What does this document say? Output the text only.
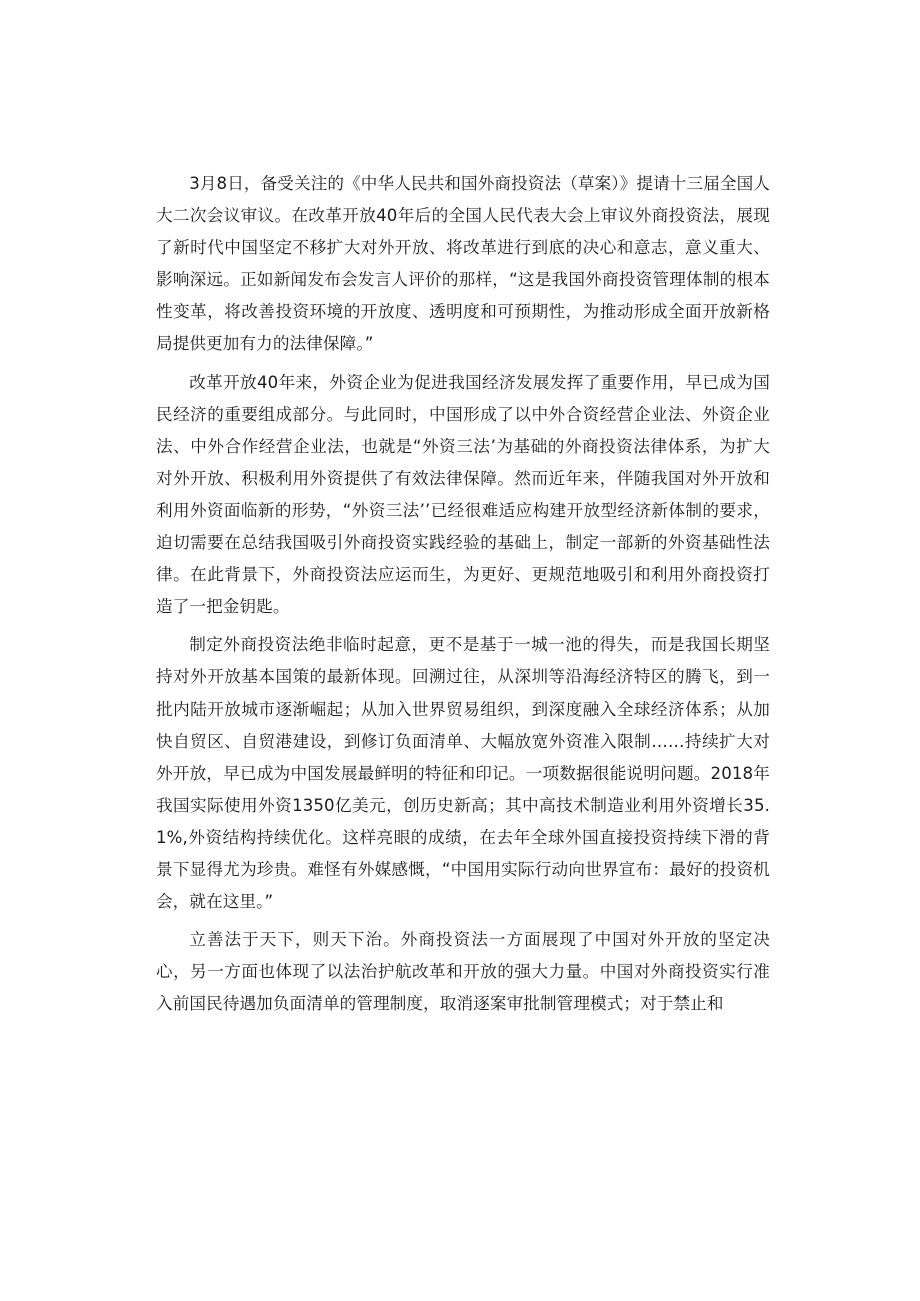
3月8日，备受关注的《中华人民共和国外商投资法（草案）》提请十三届全国人大二次会议审议。在改革开放40年后的全国人民代表大会上审议外商投资法，展现了新时代中国坚定不移扩大对外开放、将改革进行到底的决心和意志，意义重大、影响深远。正如新闻发布会发言人评价的那样，“这是我国外商投资管理体制的根本性变革，将改善投资环境的开放度、透明度和可预期性，为推动形成全面开放新格局提供更加有力的法律保障。”

改革开放40年来，外资企业为促进我国经济发展发挥了重要作用，早已成为国民经济的重要组成部分。与此同时，中国形成了以中外合资经营企业法、外资企业法、中外合作经营企业法，也就是“外资三法’为基础的外商投资法律体系，为扩大对外开放、积极利用外资提供了有效法律保障。然而近年来，伴随我国对外开放和利用外资面临新的形势，“外资三法’’已经很难适应构建开放型经济新体制的要求，迫切需要在总结我国吸引外商投资实践经验的基础上，制定一部新的外资基础性法律。在此背景下，外商投资法应运而生，为更好、更规范地吸引和利用外商投资打造了一把金钥匙。

制定外商投资法绝非临时起意，更不是基于一城一池的得失，而是我国长期坚持对外开放基本国策的最新体现。回溯过往，从深圳等沿海经济特区的腾飞，到一批内陆开放城市逐渐崛起；从加入世界贸易组织，到深度融入全球经济体系；从加快自贸区、自贸港建设，到修订负面清单、大幅放宽外资准入限制……持续扩大对外开放，早已成为中国发展最鲜明的特征和印记。一项数据很能说明问题。2018年我国实际使用外资1350亿美元，创历史新高；其中高技术制造业利用外资增长35.1%,外资结构持续优化。这样亮眼的成绩，在去年全球外国直接投资持续下滑的背景下显得尤为珍贵。难怪有外媒感慨，“中国用实际行动向世界宣布：最好的投资机会，就在这里。”

立善法于天下，则天下治。外商投资法一方面展现了中国对外开放的坚定决心，另一方面也体现了以法治护航改革和开放的强大力量。中国对外商投资实行准入前国民待遇加负面清单的管理制度，取消逐案审批制管理模式；对于禁止和
